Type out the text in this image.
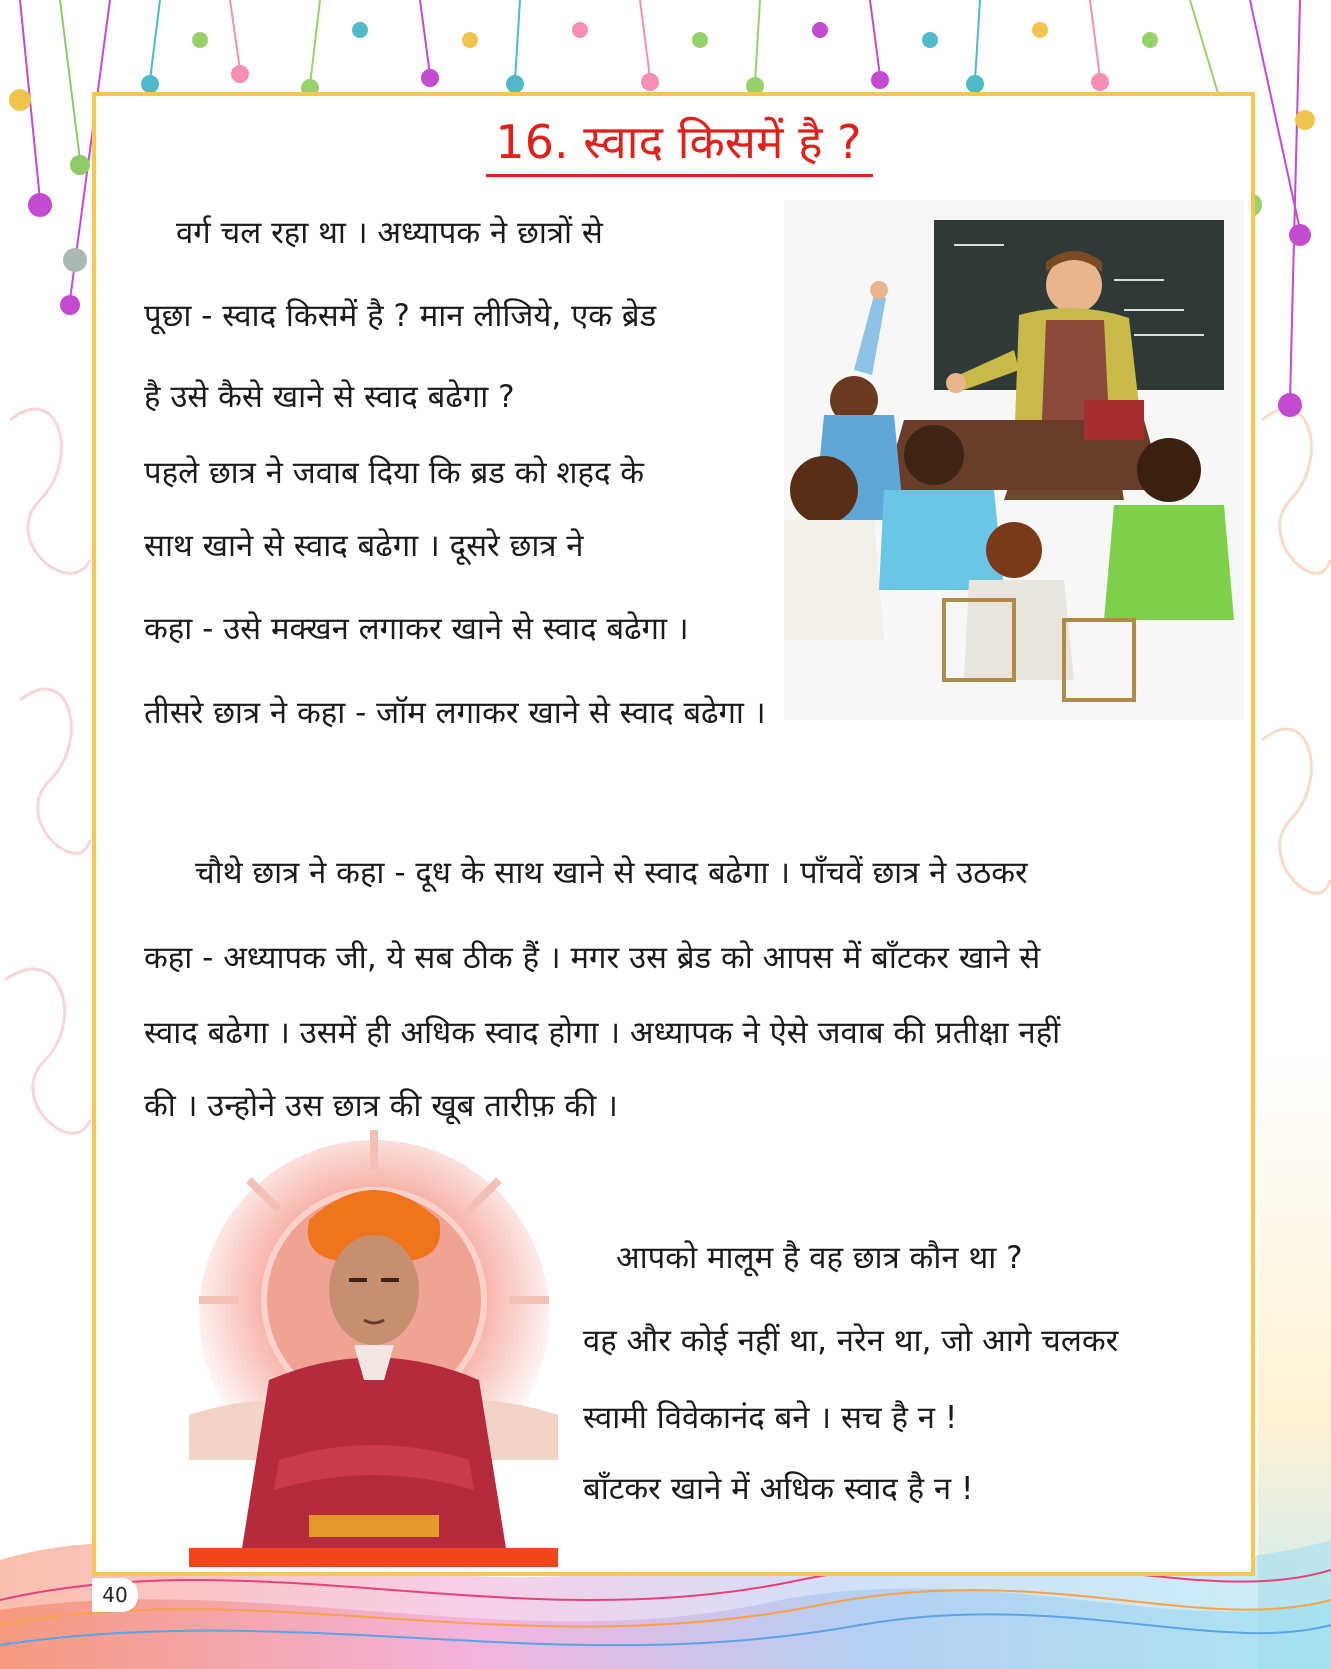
16. स्वाद किसमें है ?
वर्ग चल रहा था । अध्यापक ने छात्रों से
पूछा - स्वाद किसमें है ? मान लीजिये, एक ब्रेड
है उसे कैसे खाने से स्वाद बढेगा ?
पहले छात्र ने जवाब दिया कि ब्रड को शहद के
साथ खाने से स्वाद बढेगा । दूसरे छात्र ने
कहा - उसे मक्खन लगाकर खाने से स्वाद बढेगा ।
तीसरे छात्र ने कहा - जॉम लगाकर खाने से स्वाद बढेगा ।
चौथे छात्र ने कहा - दूध के साथ खाने से स्वाद बढेगा । पाँचवें छात्र ने उठकर
कहा - अध्यापक जी, ये सब ठीक हैं । मगर उस ब्रेड को आपस में बाँटकर खाने से
स्वाद बढेगा । उसमें ही अधिक स्वाद होगा । अध्यापक ने ऐसे जवाब की प्रतीक्षा नहीं
की । उन्होने उस छात्र की खूब तारीफ़ की ।
आपको मालूम है वह छात्र कौन था ?
वह और कोई नहीं था, नरेन था, जो आगे चलकर
स्वामी विवेकानंद बने । सच है न !
बाँटकर खाने में अधिक स्वाद है न !
40
